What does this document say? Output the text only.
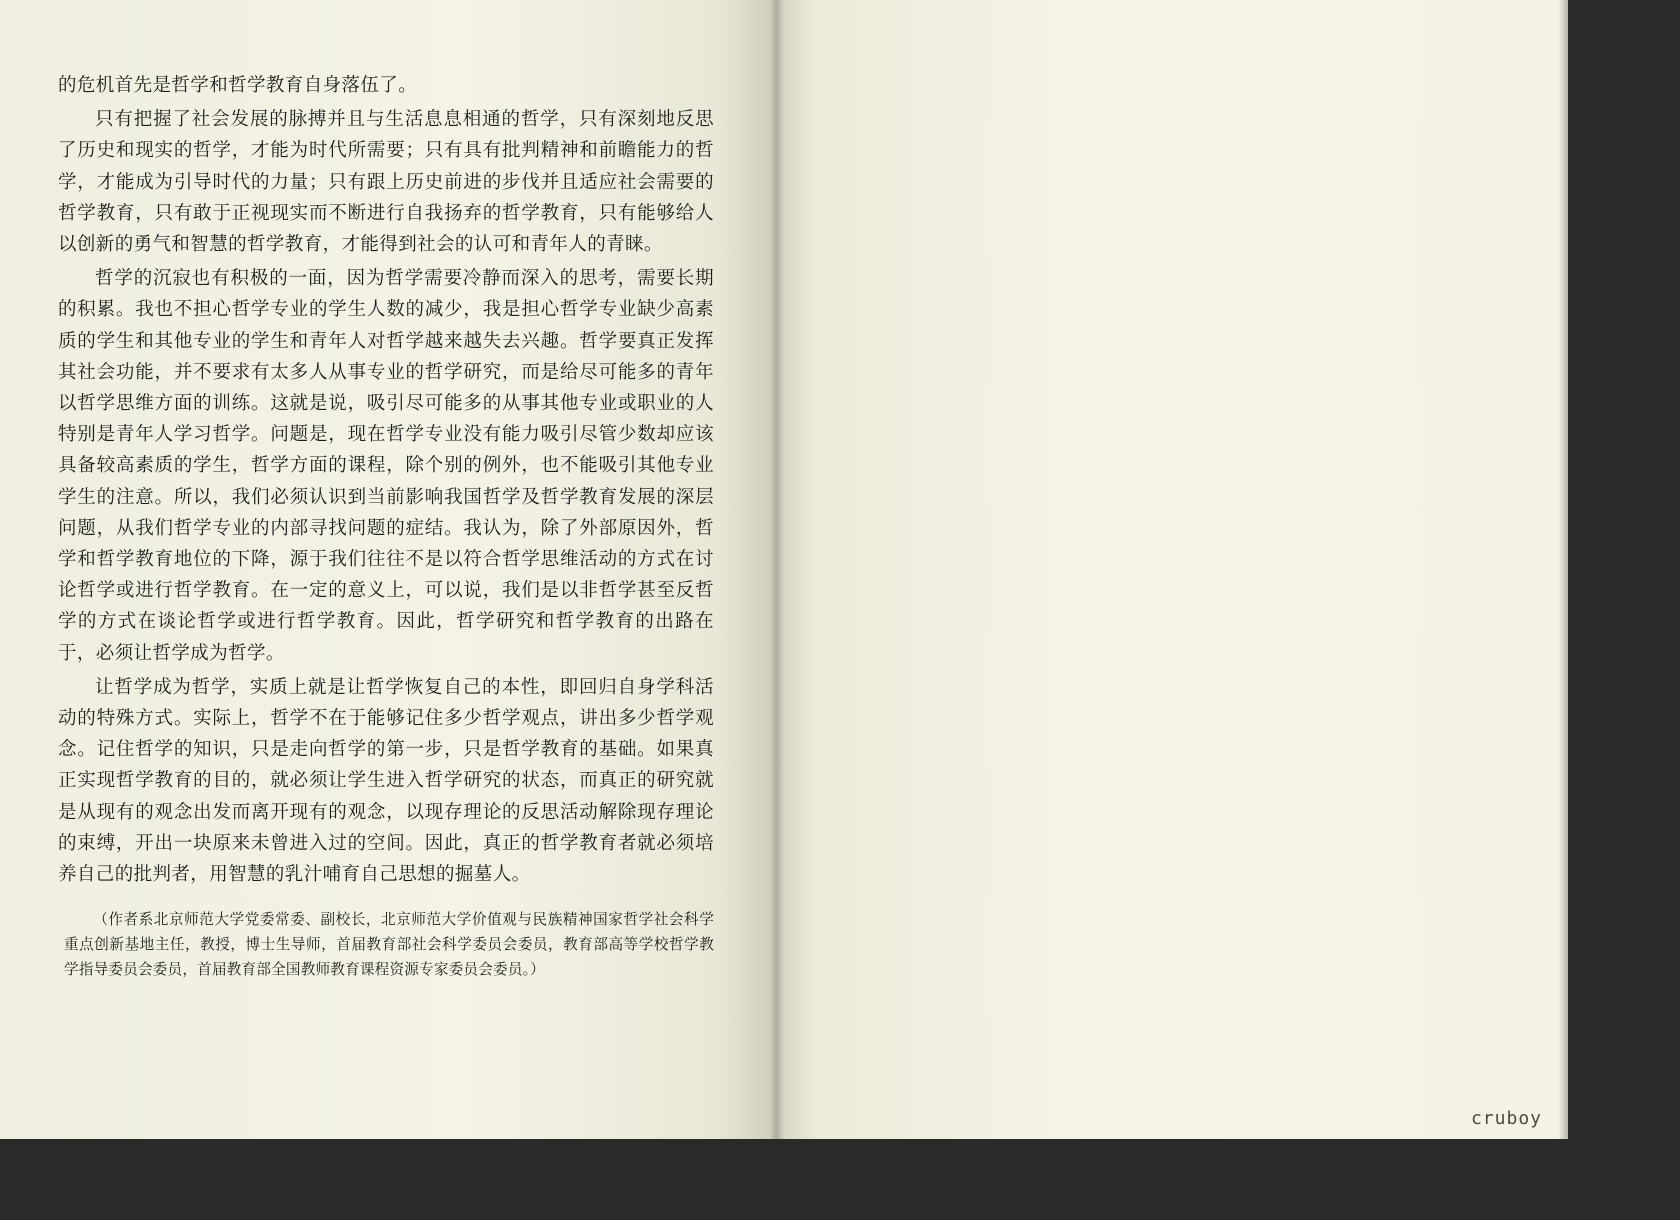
的危机首先是哲学和哲学教育自身落伍了。

只有把握了社会发展的脉搏并且与生活息息相通的哲学，只有深刻地反思了历史和现实的哲学，才能为时代所需要；只有具有批判精神和前瞻能力的哲学，才能成为引导时代的力量；只有跟上历史前进的步伐并且适应社会需要的哲学教育，只有敢于正视现实而不断进行自我扬弃的哲学教育，只有能够给人以创新的勇气和智慧的哲学教育，才能得到社会的认可和青年人的青睐。

哲学的沉寂也有积极的一面，因为哲学需要冷静而深入的思考，需要长期的积累。我也不担心哲学专业的学生人数的减少，我是担心哲学专业缺少高素质的学生和其他专业的学生和青年人对哲学越来越失去兴趣。哲学要真正发挥其社会功能，并不要求有太多人从事专业的哲学研究，而是给尽可能多的青年以哲学思维方面的训练。这就是说，吸引尽可能多的从事其他专业或职业的人特别是青年人学习哲学。问题是，现在哲学专业没有能力吸引尽管少数却应该具备较高素质的学生，哲学方面的课程，除个别的例外，也不能吸引其他专业学生的注意。所以，我们必须认识到当前影响我国哲学及哲学教育发展的深层问题，从我们哲学专业的内部寻找问题的症结。我认为，除了外部原因外，哲学和哲学教育地位的下降，源于我们往往不是以符合哲学思维活动的方式在讨论哲学或进行哲学教育。在一定的意义上，可以说，我们是以非哲学甚至反哲学的方式在谈论哲学或进行哲学教育。因此，哲学研究和哲学教育的出路在于，必须让哲学成为哲学。

让哲学成为哲学，实质上就是让哲学恢复自己的本性，即回归自身学科活动的特殊方式。实际上，哲学不在于能够记住多少哲学观点，讲出多少哲学观念。记住哲学的知识，只是走向哲学的第一步，只是哲学教育的基础。如果真正实现哲学教育的目的，就必须让学生进入哲学研究的状态，而真正的研究就是从现有的观念出发而离开现有的观念，以现存理论的反思活动解除现存理论的束缚，开出一块原来未曾进入过的空间。因此，真正的哲学教育者就必须培养自己的批判者，用智慧的乳汁哺育自己思想的掘墓人。

（作者系北京师范大学党委常委、副校长，北京师范大学价值观与民族精神国家哲学社会科学重点创新基地主任，教授，博士生导师，首届教育部社会科学委员会委员，教育部高等学校哲学教学指导委员会委员，首届教育部全国教师教育课程资源专家委员会委员。）

cruboy
